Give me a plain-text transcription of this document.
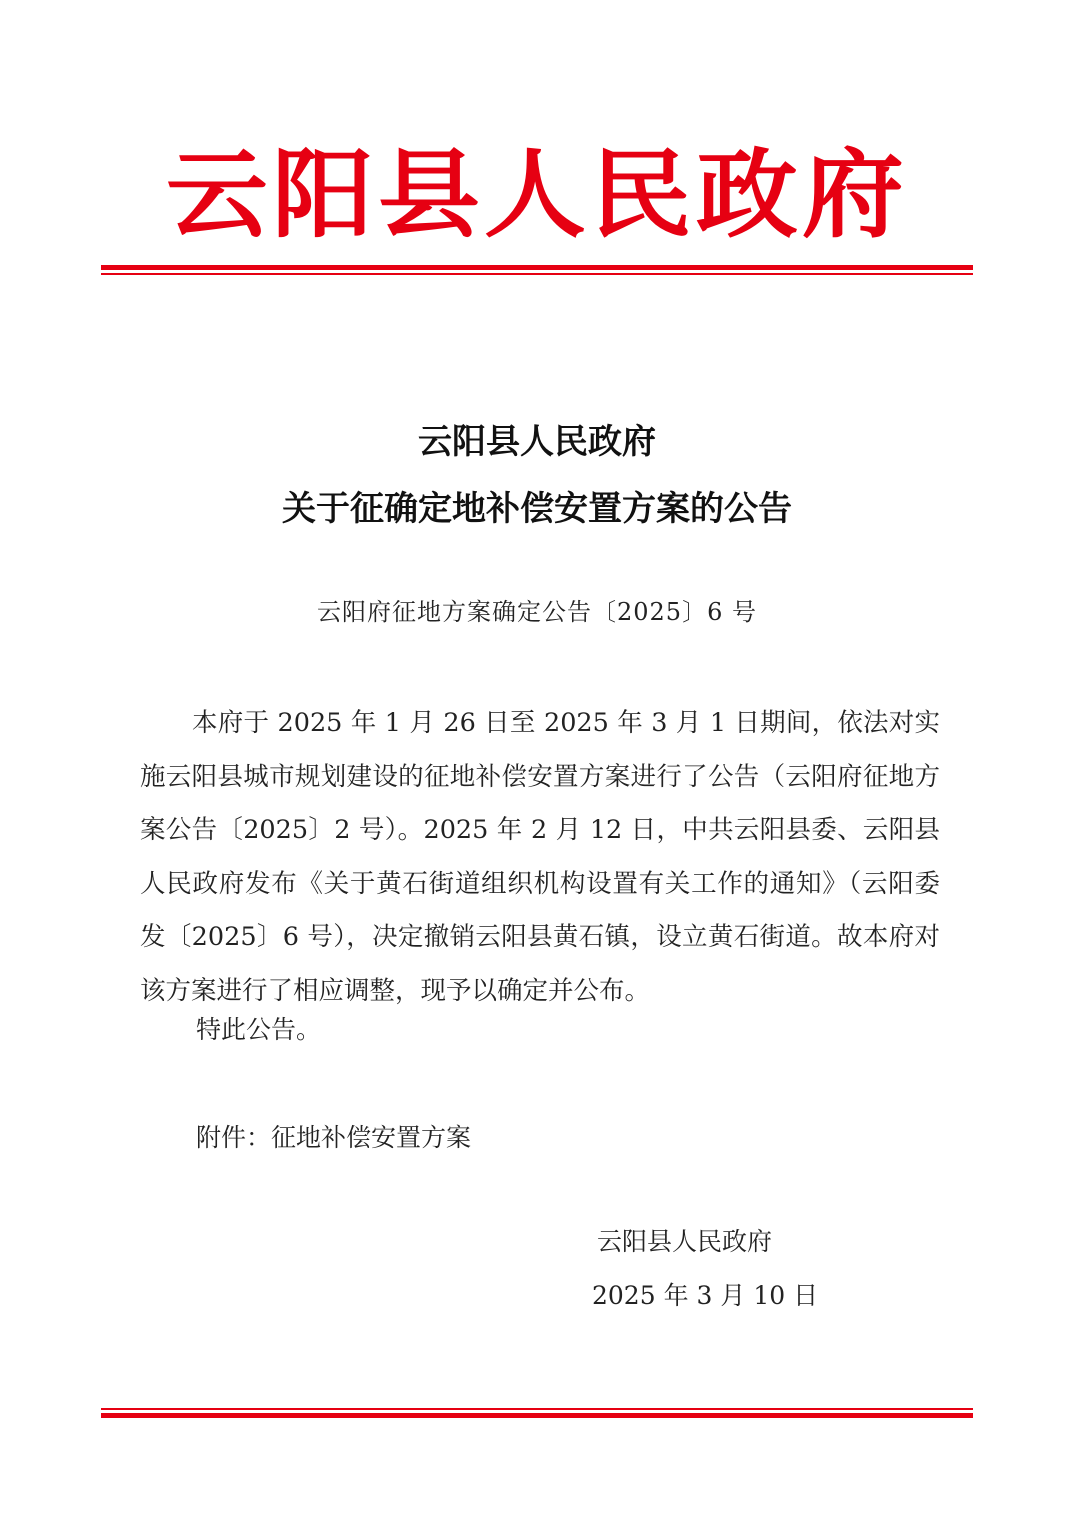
云阳县人民政府
云阳县人民政府
关于征确定地补偿安置方案的公告
云阳府征地方案确定公告〔2025〕6 号

本府于 2025 年 1 月 26 日至 2025 年 3 月 1 日期间，依法对实施云阳县城市规划建设的征地补偿安置方案进行了公告（云阳府征地方案公告〔2025〕2 号）。2025 年 2 月 12 日，中共云阳县委、云阳县人民政府发布《关于黄石街道组织机构设置有关工作的通知》（云阳委发〔2025〕6 号），决定撤销云阳县黄石镇，设立黄石街道。故本府对该方案进行了相应调整，现予以确定并公布。

特此公告。
附件：征地补偿安置方案
云阳县人民政府
2025 年 3 月 10 日
